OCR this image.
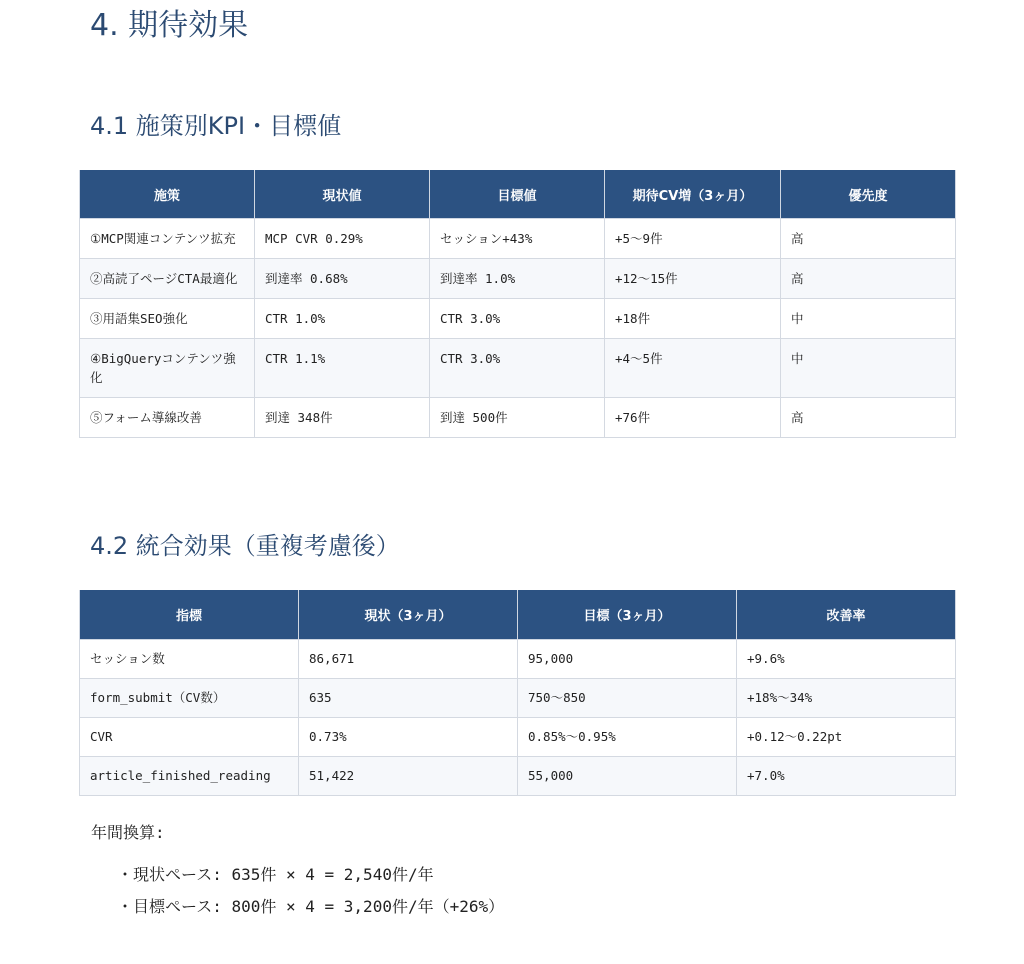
4. 期待効果
4.1 施策別KPI・目標値
施策	現状値	目標値	期待CV増（3ヶ月）	優先度
①MCP関連コンテンツ拡充	MCP CVR 0.29%	セッション+43%	+5〜9件	高
②高読了ページCTA最適化	到達率 0.68%	到達率 1.0%	+12〜15件	高
③用語集SEO強化	CTR 1.0%	CTR 3.0%	+18件	中
④BigQueryコンテンツ強化	CTR 1.1%	CTR 3.0%	+4〜5件	中
⑤フォーム導線改善	到達 348件	到達 500件	+76件	高
4.2 統合効果（重複考慮後）
指標	現状（3ヶ月）	目標（3ヶ月）	改善率
セッション数	86,671	95,000	+9.6%
form_submit（CV数）	635	750〜850	+18%〜34%
CVR	0.73%	0.85%〜0.95%	+0.12〜0.22pt
article_finished_reading	51,422	55,000	+7.0%
年間換算:
・現状ペース: 635件 × 4 = 2,540件/年
・目標ペース: 800件 × 4 = 3,200件/年（+26%）
